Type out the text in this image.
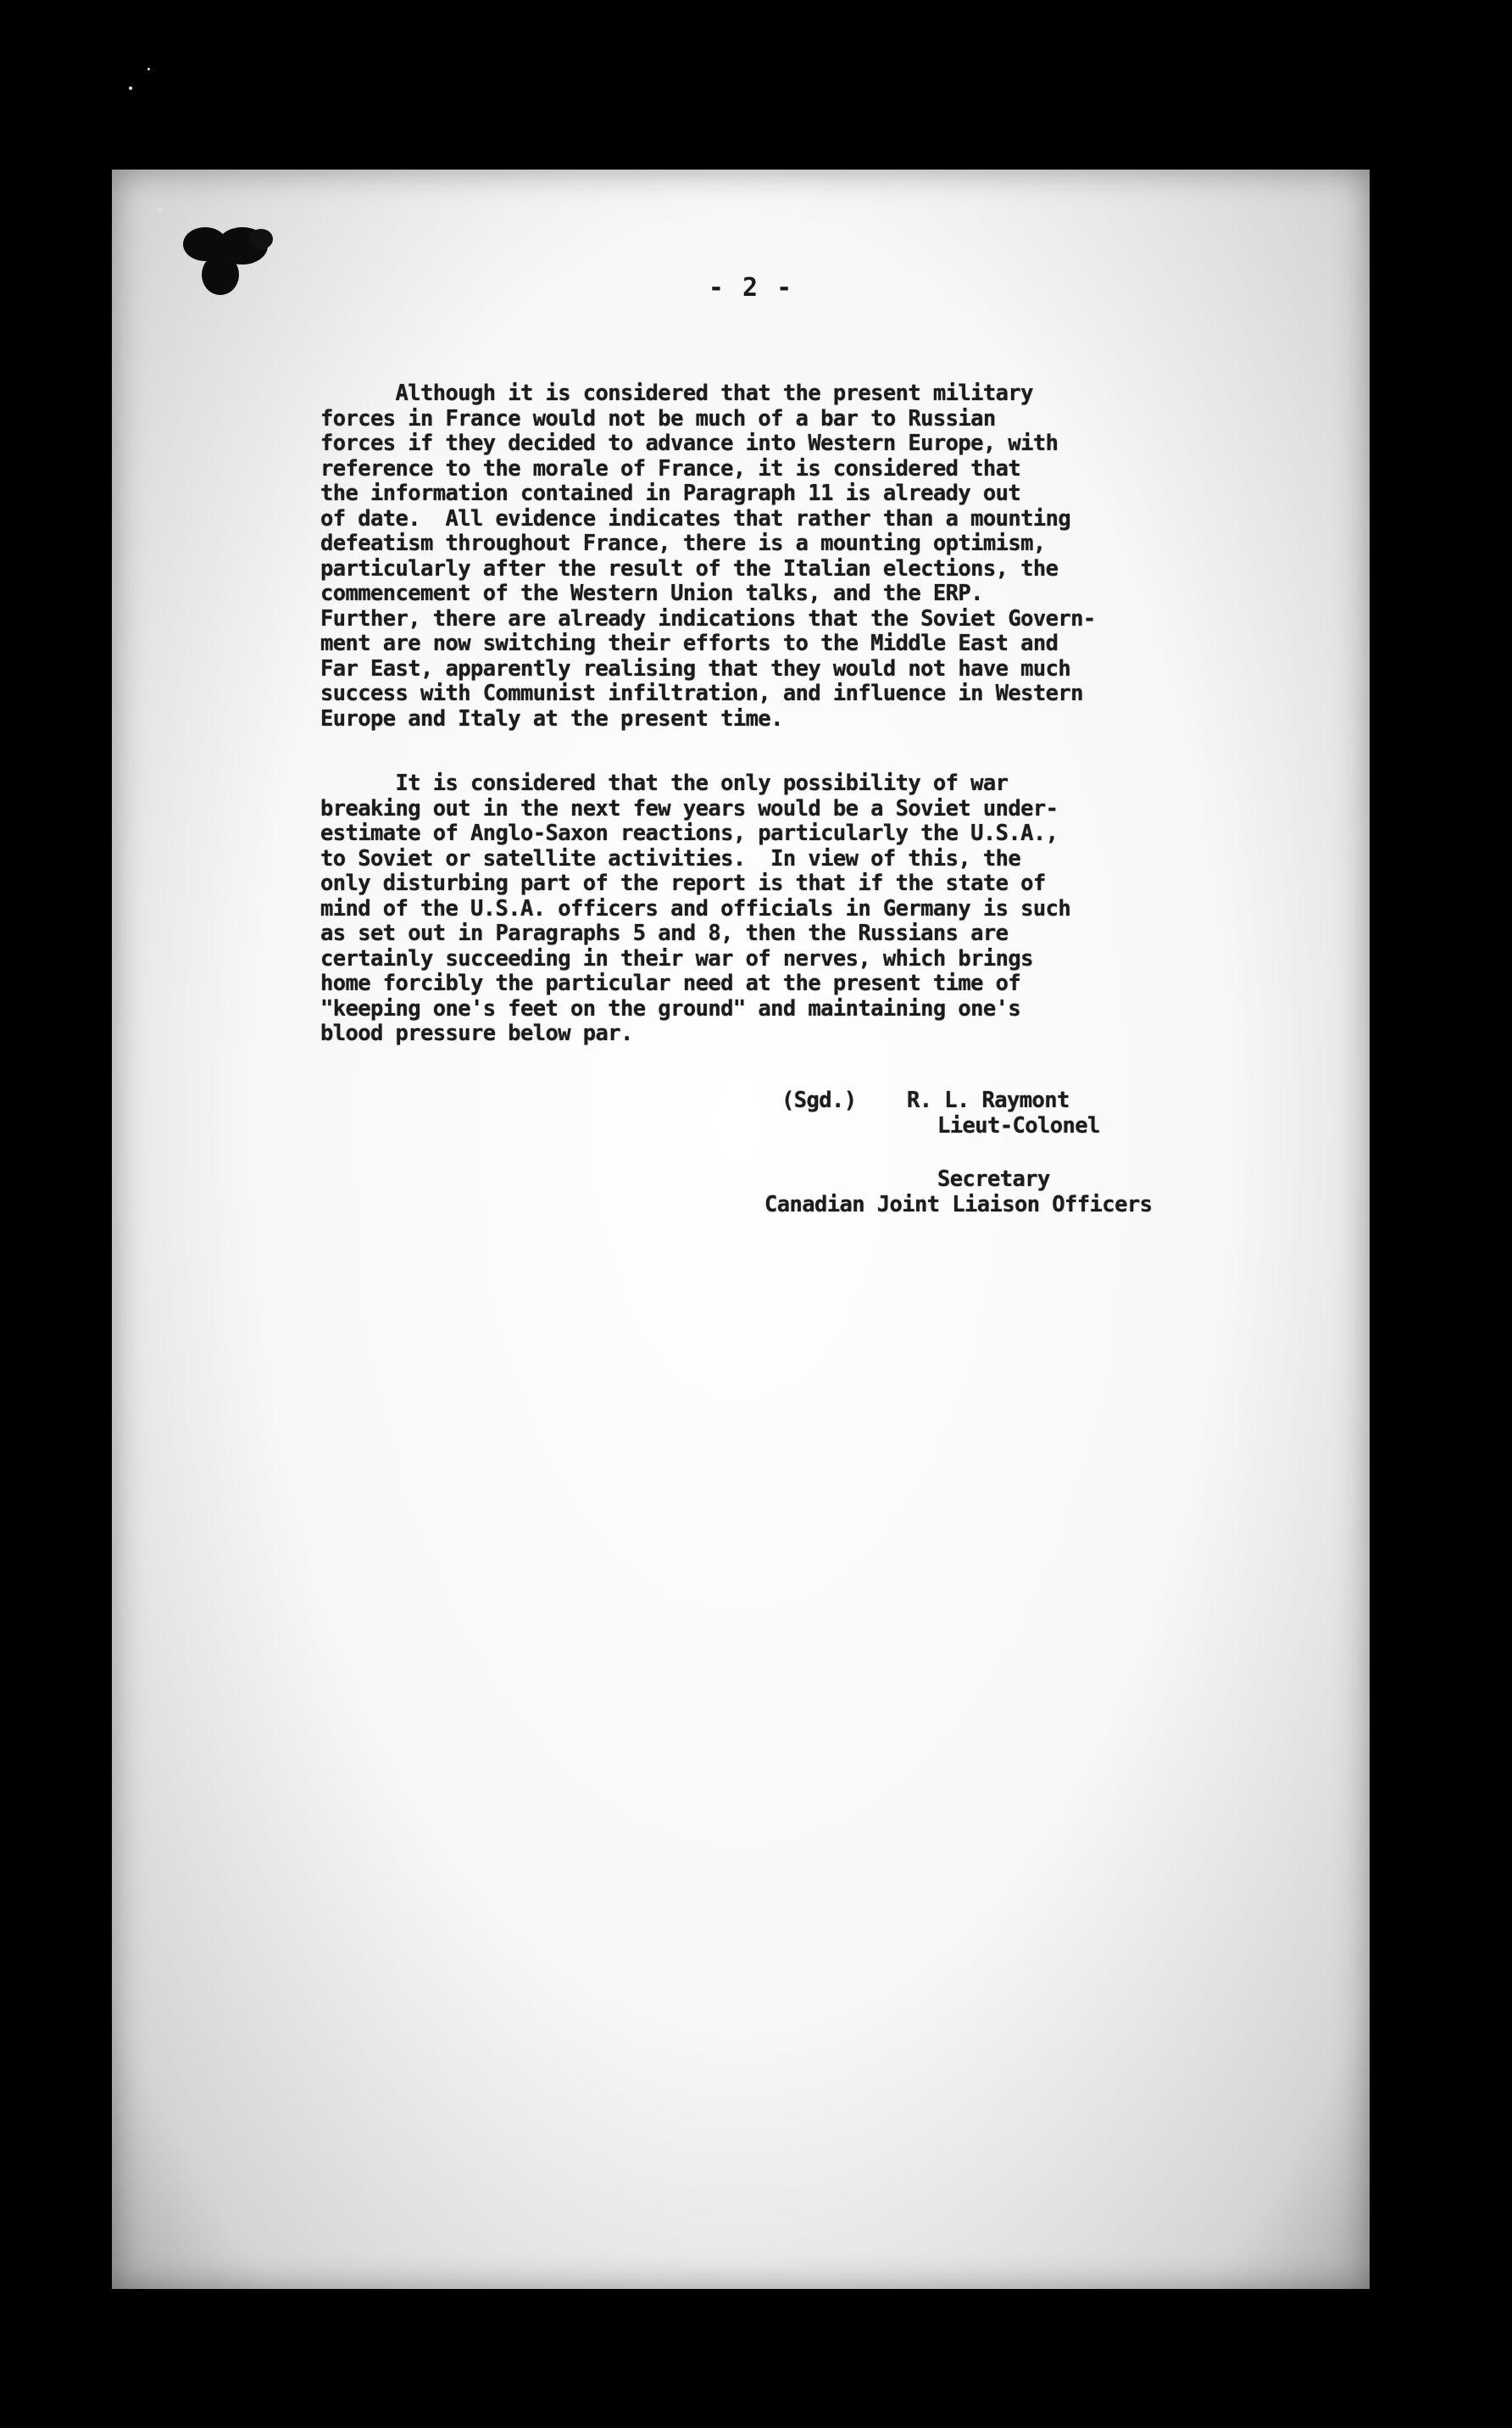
- 2 -
Although it is considered that the present military
forces in France would not be much of a bar to Russian
forces if they decided to advance into Western Europe, with
reference to the morale of France, it is considered that
the information contained in Paragraph 11 is already out
of date.  All evidence indicates that rather than a mounting
defeatism throughout France, there is a mounting optimism,
particularly after the result of the Italian elections, the
commencement of the Western Union talks, and the ERP.
Further, there are already indications that the Soviet Govern-
ment are now switching their efforts to the Middle East and
Far East, apparently realising that they would not have much
success with Communist infiltration, and influence in Western
Europe and Italy at the present time.
It is considered that the only possibility of war
breaking out in the next few years would be a Soviet under-
estimate of Anglo-Saxon reactions, particularly the U.S.A.,
to Soviet or satellite activities.  In view of this, the
only disturbing part of the report is that if the state of
mind of the U.S.A. officers and officials in Germany is such
as set out in Paragraphs 5 and 8, then the Russians are
certainly succeeding in their war of nerves, which brings
home forcibly the particular need at the present time of
"keeping one's feet on the ground" and maintaining one's
blood pressure below par.
(Sgd.) R. L. Raymont
Lieut-Colonel
Secretary
Canadian Joint Liaison Officers
